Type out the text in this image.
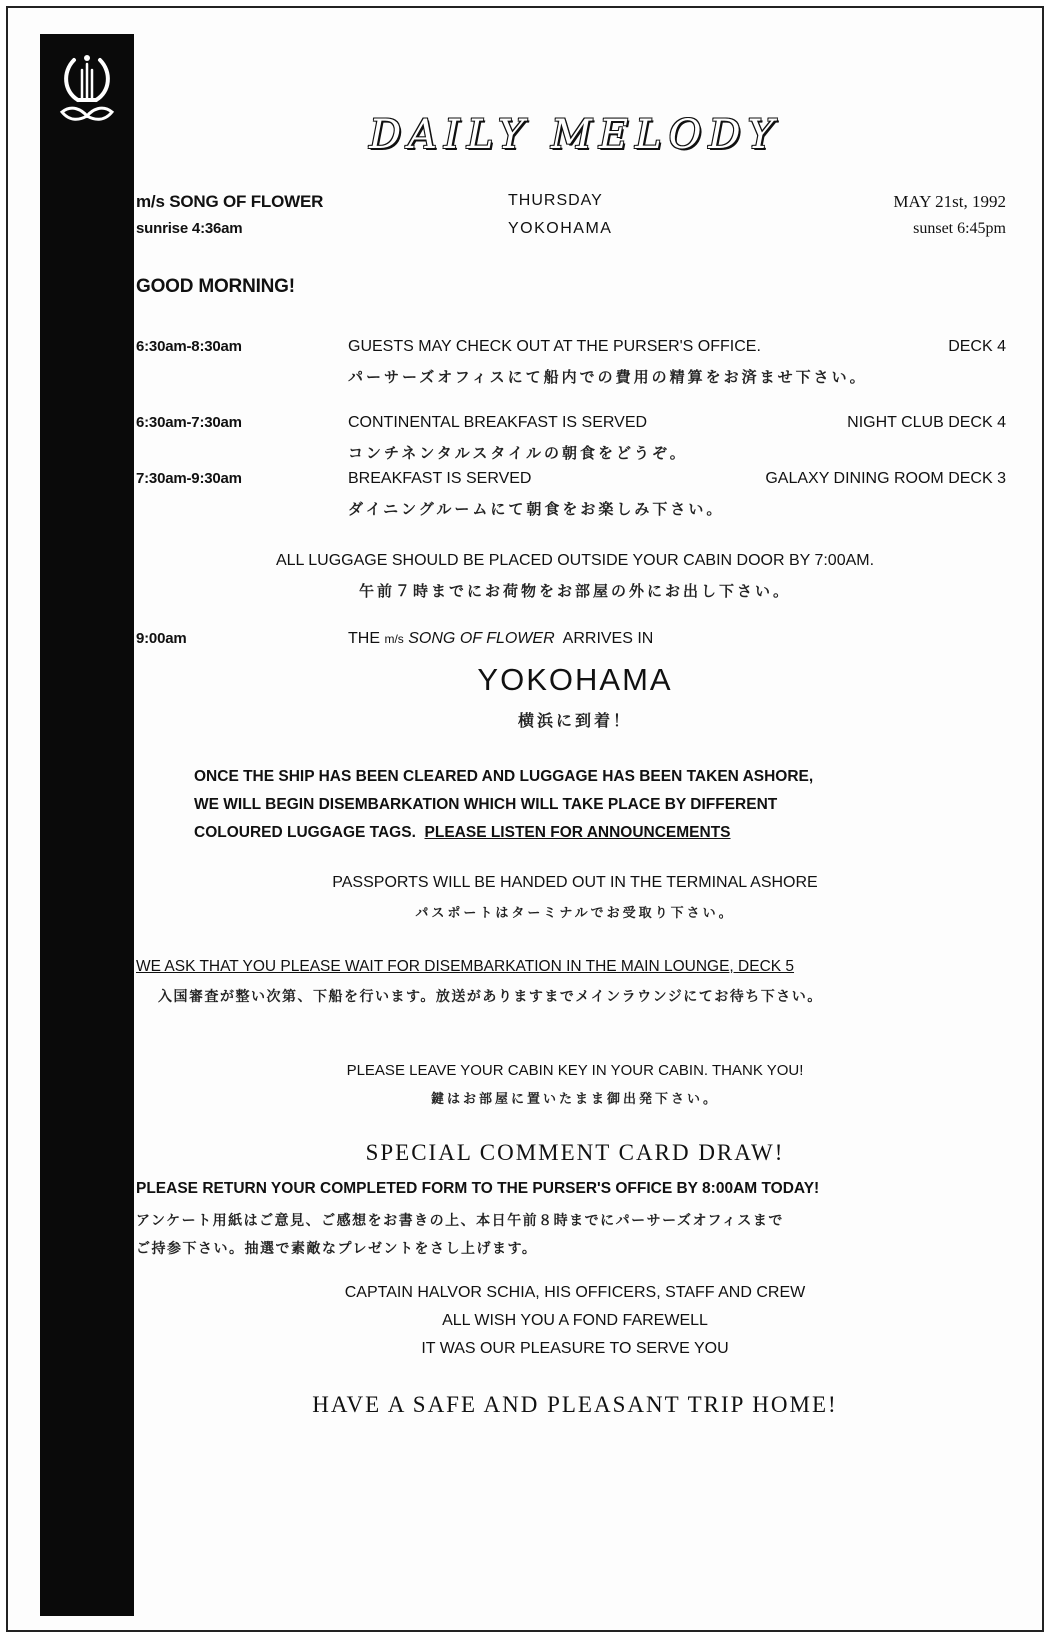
DAILY MELODY
m/s SONG OF FLOWER	THURSDAY	MAY 21st, 1992
sunrise 4:36am	YOKOHAMA	sunset 6:45pm
GOOD MORNING!
6:30am-8:30am	GUESTS MAY CHECK OUT AT THE PURSER'S OFFICE.	DECK 4
パーサーズオフィスにて船内での費用の精算をお済ませ下さい。
6:30am-7:30am	CONTINENTAL BREAKFAST IS SERVED	NIGHT CLUB DECK 4
コンチネンタルスタイルの朝食をどうぞ。
7:30am-9:30am	BREAKFAST IS SERVED	GALAXY DINING ROOM DECK 3
ダイニングルームにて朝食をお楽しみ下さい。
ALL LUGGAGE SHOULD BE PLACED OUTSIDE YOUR CABIN DOOR BY 7:00AM.
午前７時までにお荷物をお部屋の外にお出し下さい。
9:00am	THE m/s SONG OF FLOWER ARRIVES IN
YOKOHAMA
横浜に到着！
ONCE THE SHIP HAS BEEN CLEARED AND LUGGAGE HAS BEEN TAKEN ASHORE,
WE WILL BEGIN DISEMBARKATION WHICH WILL TAKE PLACE BY DIFFERENT
COLOURED LUGGAGE TAGS. PLEASE LISTEN FOR ANNOUNCEMENTS
PASSPORTS WILL BE HANDED OUT IN THE TERMINAL ASHORE
パスポートはターミナルでお受取り下さい。
WE ASK THAT YOU PLEASE WAIT FOR DISEMBARKATION IN THE MAIN LOUNGE, DECK 5
入国審査が整い次第、下船を行います。放送がありますまでメインラウンジにてお待ち下さい。
PLEASE LEAVE YOUR CABIN KEY IN YOUR CABIN. THANK YOU!
鍵はお部屋に置いたまま御出発下さい。
SPECIAL COMMENT CARD DRAW!
PLEASE RETURN YOUR COMPLETED FORM TO THE PURSER'S OFFICE BY 8:00AM TODAY!
アンケート用紙はご意見、ご感想をお書きの上、本日午前８時までにパーサーズオフィスまで
ご持参下さい。抽選で素敵なプレゼントをさし上げます。
CAPTAIN HALVOR SCHIA, HIS OFFICERS, STAFF AND CREW
ALL WISH YOU A FOND FAREWELL
IT WAS OUR PLEASURE TO SERVE YOU
HAVE A SAFE AND PLEASANT TRIP HOME!
